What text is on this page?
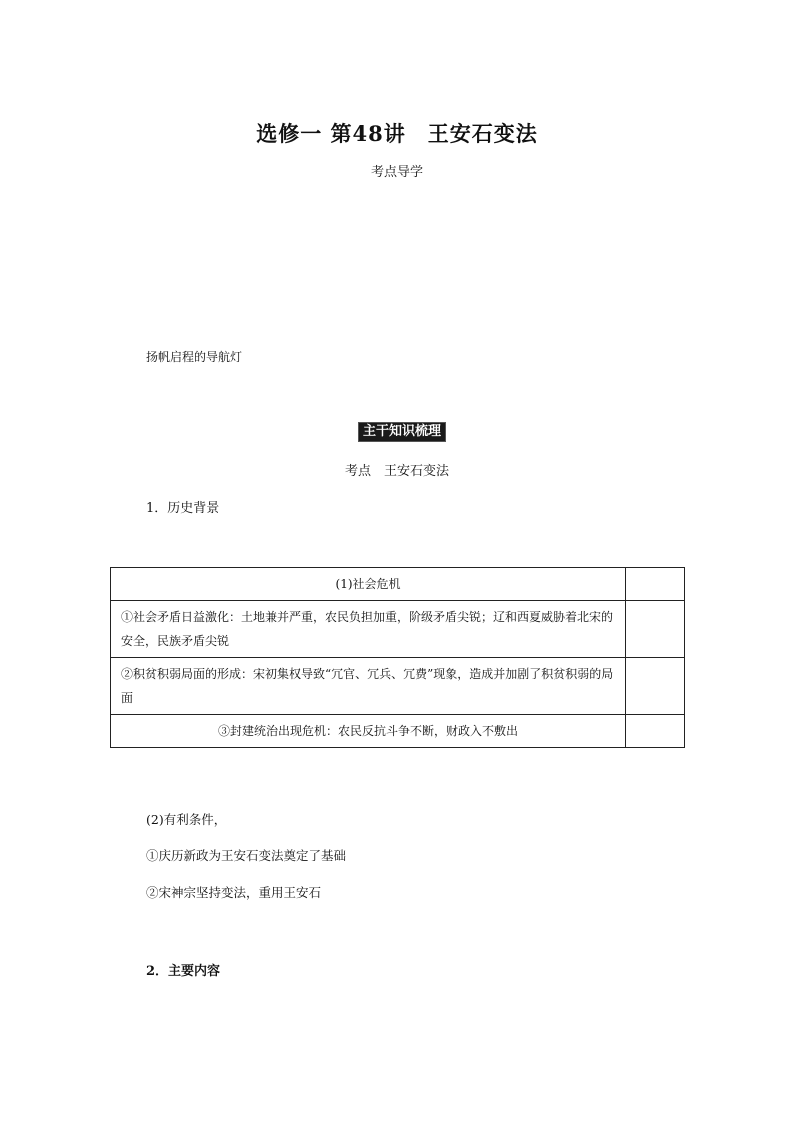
选修一 第48讲　王安石变法
考点导学
扬帆启程的导航灯
主干知识梳理
考点　王安石变法
1．历史背景
(1)社会危机	
①社会矛盾日益激化：土地兼并严重，农民负担加重，阶级矛盾尖锐；辽和西夏威胁着北宋的安全，民族矛盾尖锐	
②积贫积弱局面的形成：宋初集权导致“冗官、冗兵、冗费”现象，造成并加剧了积贫积弱的局面	
③封建统治出现危机：农民反抗斗争不断，财政入不敷出	
(2)有利条件，
①庆历新政为王安石变法奠定了基础
②宋神宗坚持变法，重用王安石
2．主要内容
